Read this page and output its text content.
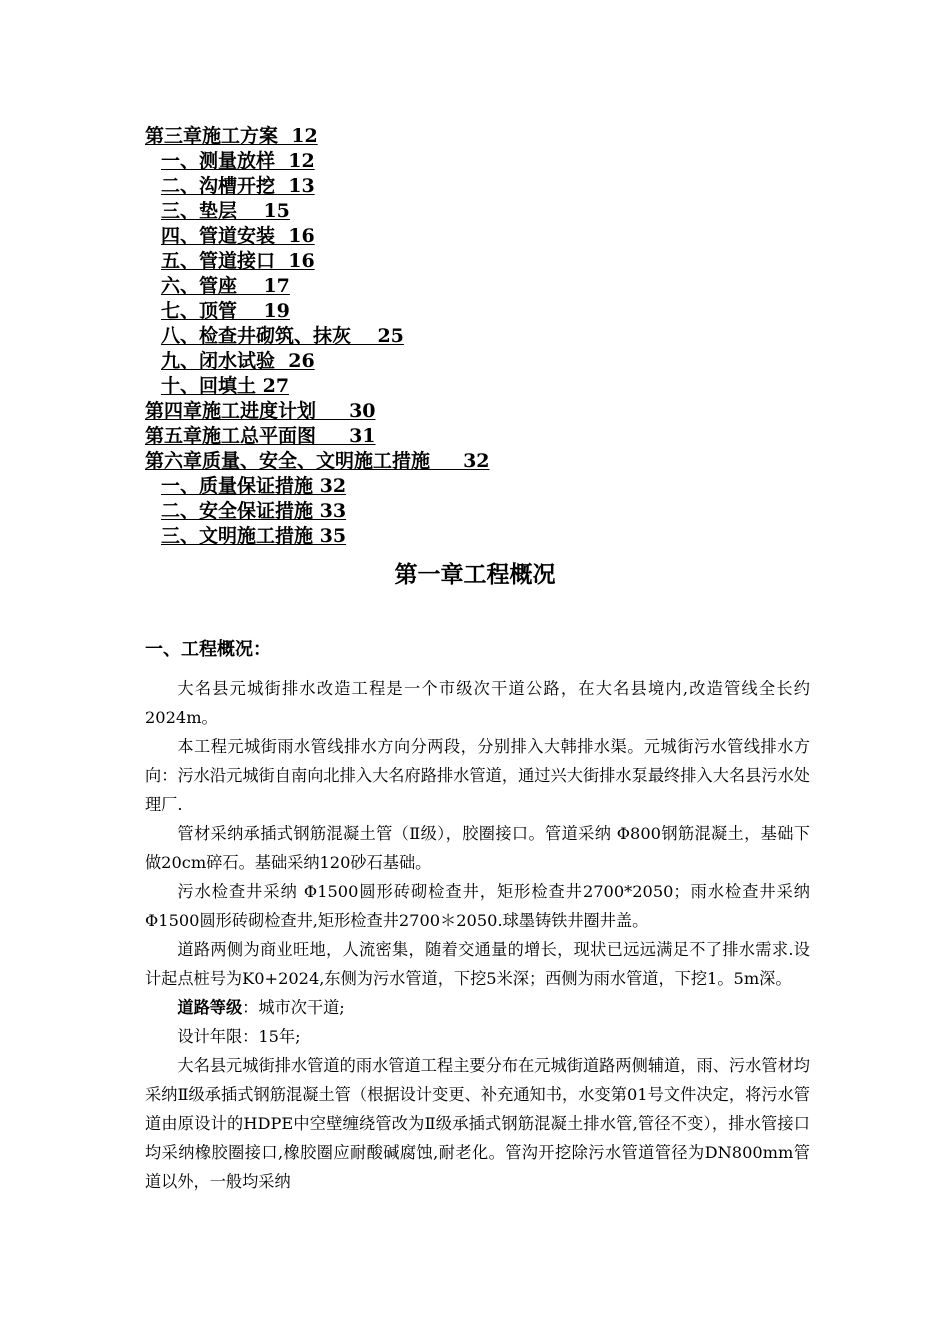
第三章施工方案  12
一、测量放样  12
二、沟槽开挖  13
三、垫层    15
四、管道安装  16
五、管道接口  16
六、管座    17
七、顶管    19
八、检查井砌筑、抹灰    25
九、闭水试验  26
十、回填土 27
第四章施工进度计划     30
第五章施工总平面图     31
第六章质量、安全、文明施工措施     32
一、质量保证措施 32
二、安全保证措施 33
三、文明施工措施 35
第一章工程概况
一、工程概况：

大名县元城街排水改造工程是一个市级次干道公路，在大名县境内,改造管线全长约2024m。

本工程元城街雨水管线排水方向分两段，分别排入大韩排水渠。元城街污水管线排水方向：污水沿元城街自南向北排入大名府路排水管道，通过兴大街排水泵最终排入大名县污水处理厂.

管材采纳承插式钢筋混凝土管（Ⅱ级），胶圈接口。管道采纳 Φ800钢筋混凝土，基础下做20cm碎石。基础采纳120砂石基础。

污水检查井采纳 Φ1500圆形砖砌检查井，矩形检查井2700*2050；雨水检查井采纳 Φ1500圆形砖砌检查井,矩形检查井2700＊2050.球墨铸铁井圈井盖。

道路两侧为商业旺地，人流密集，随着交通量的增长，现状已远远满足不了排水需求.设计起点桩号为K0+2024,东侧为污水管道，下挖5米深；西侧为雨水管道，下挖1。5m深。

道路等级：城市次干道;

设计年限：15年;

大名县元城街排水管道的雨水管道工程主要分布在元城街道路两侧辅道，雨、污水管材均采纳Ⅱ级承插式钢筋混凝土管（根据设计变更、补充通知书，水变第01号文件决定，将污水管道由原设计的HDPE中空壁缠绕管改为Ⅱ级承插式钢筋混凝土排水管,管径不变），排水管接口均采纳橡胶圈接口,橡胶圈应耐酸碱腐蚀,耐老化。管沟开挖除污水管道管径为DN800mm管道以外，一般均采纳
